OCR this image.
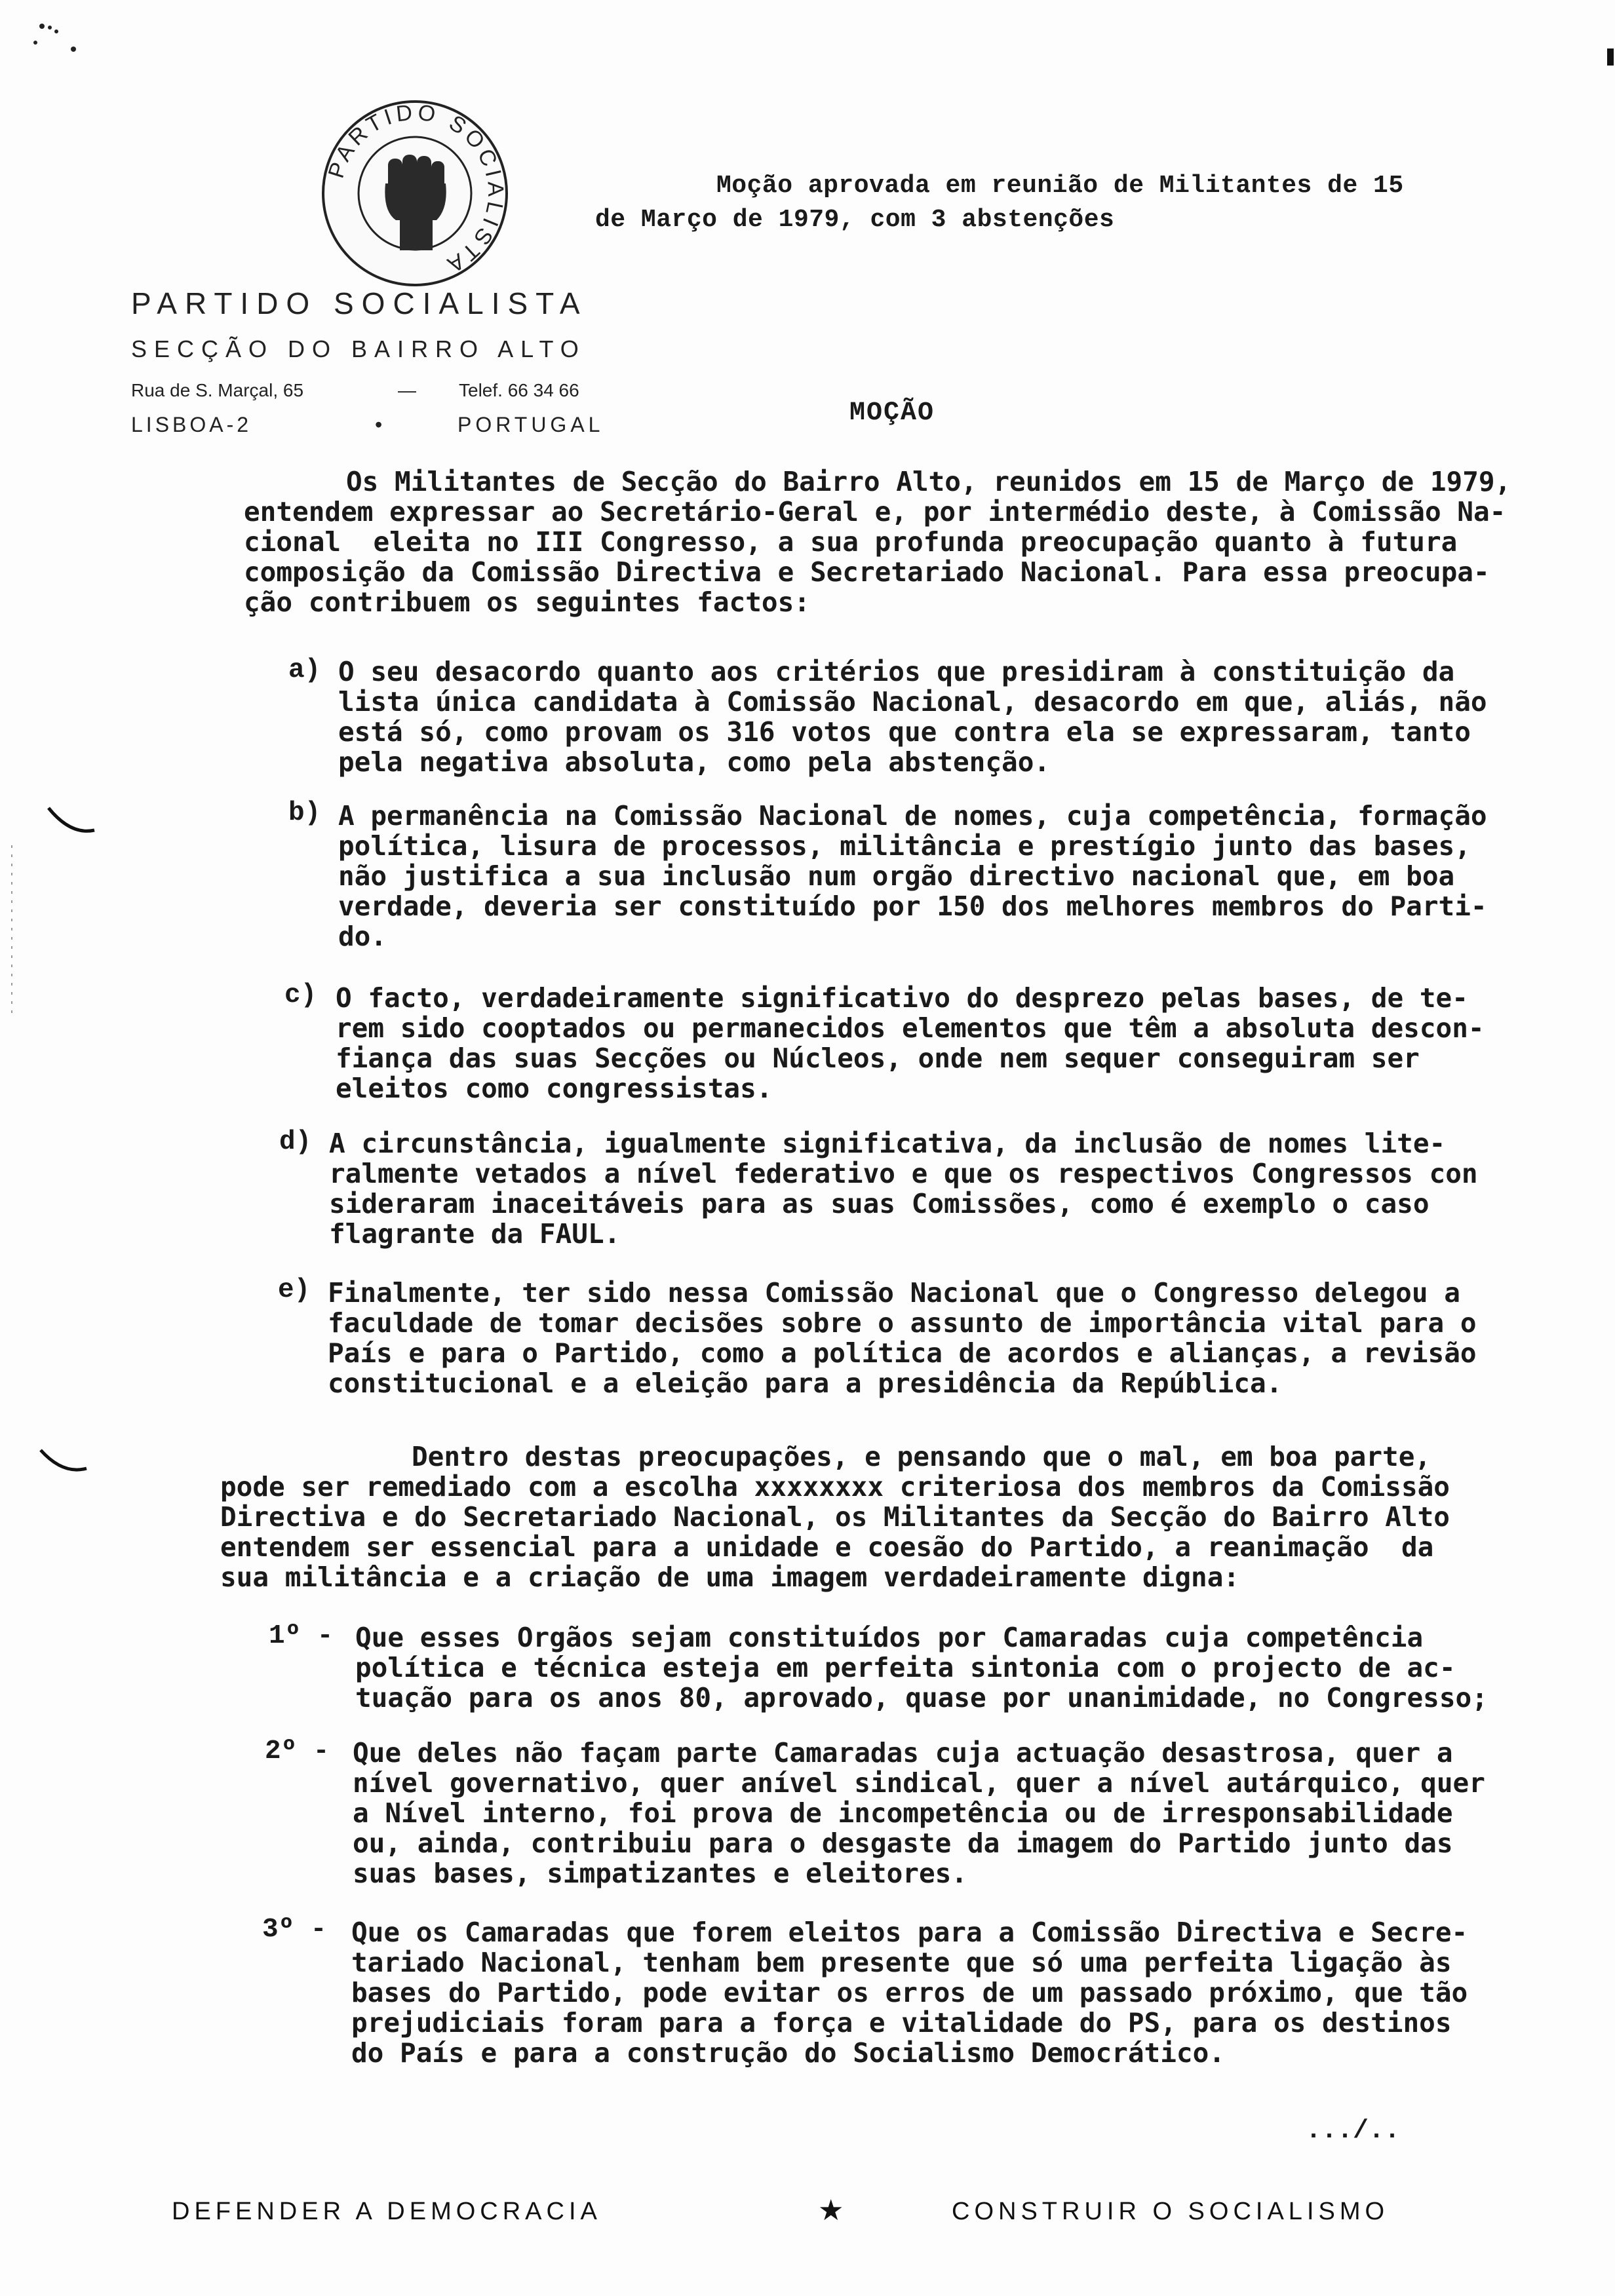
PARTIDO SOCIALISTA
PARTIDO SOCIALISTA
SECÇÃO DO BAIRRO ALTO
Rua de S. Marçal, 65	— Telef. 66 34 66
LISBOA-2	•	PORTUGAL
Moção aprovada em reunião de Militantes de 15
de Março de 1979, com 3 abstenções
MOÇÃO
Os Militantes de Secção do Bairro Alto, reunidos em 15 de Março de 1979,
entendem expressar ao Secretário-Geral e, por intermédio deste, à Comissão Na-
cional  eleita no III Congresso, a sua profunda preocupação quanto à futura
composição da Comissão Directiva e Secretariado Nacional. Para essa preocupa-
ção contribuem os seguintes factos:
a) O seu desacordo quanto aos critérios que presidiram à constituição da
lista única candidata à Comissão Nacional, desacordo em que, aliás, não
está só, como provam os 316 votos que contra ela se expressaram, tanto
pela negativa absoluta, como pela abstenção.
b) A permanência na Comissão Nacional de nomes, cuja competência, formação
política, lisura de processos, militância e prestígio junto das bases,
não justifica a sua inclusão num orgão directivo nacional que, em boa
verdade, deveria ser constituído por 150 dos melhores membros do Parti-
do.
c) O facto, verdadeiramente significativo do desprezo pelas bases, de te-
rem sido cooptados ou permanecidos elementos que têm a absoluta descon-
fiança das suas Secções ou Núcleos, onde nem sequer conseguiram ser
eleitos como congressistas.
d) A circunstância, igualmente significativa, da inclusão de nomes lite-
ralmente vetados a nível federativo e que os respectivos Congressos con
sideraram inaceitáveis para as suas Comissões, como é exemplo o caso
flagrante da FAUL.
e) Finalmente, ter sido nessa Comissão Nacional que o Congresso delegou a
faculdade de tomar decisões sobre o assunto de importância vital para o
País e para o Partido, como a política de acordos e alianças, a revisão
constitucional e a eleição para a presidência da República.
Dentro destas preocupações, e pensando que o mal, em boa parte,
pode ser remediado com a escolha xxxxxxxx criteriosa dos membros da Comissão
Directiva e do Secretariado Nacional, os Militantes da Secção do Bairro Alto
entendem ser essencial para a unidade e coesão do Partido, a reanimação  da
sua militância e a criação de uma imagem verdadeiramente digna:
1º - Que esses Orgãos sejam constituídos por Camaradas cuja competência
política e técnica esteja em perfeita sintonia com o projecto de ac-
tuação para os anos 80, aprovado, quase por unanimidade, no Congresso;
2º - Que deles não façam parte Camaradas cuja actuação desastrosa, quer a
nível governativo, quer anível sindical, quer a nível autárquico, quer
a Nível interno, foi prova de incompetência ou de irresponsabilidade
ou, ainda, contribuiu para o desgaste da imagem do Partido junto das
suas bases, simpatizantes e eleitores.
3º - Que os Camaradas que forem eleitos para a Comissão Directiva e Secre-
tariado Nacional, tenham bem presente que só uma perfeita ligação às
bases do Partido, pode evitar os erros de um passado próximo, que tão
prejudiciais foram para a força e vitalidade do PS, para os destinos
do País e para a construção do Socialismo Democrático.
.../..
DEFENDER A DEMOCRACIA	★	CONSTRUIR O SOCIALISMO
